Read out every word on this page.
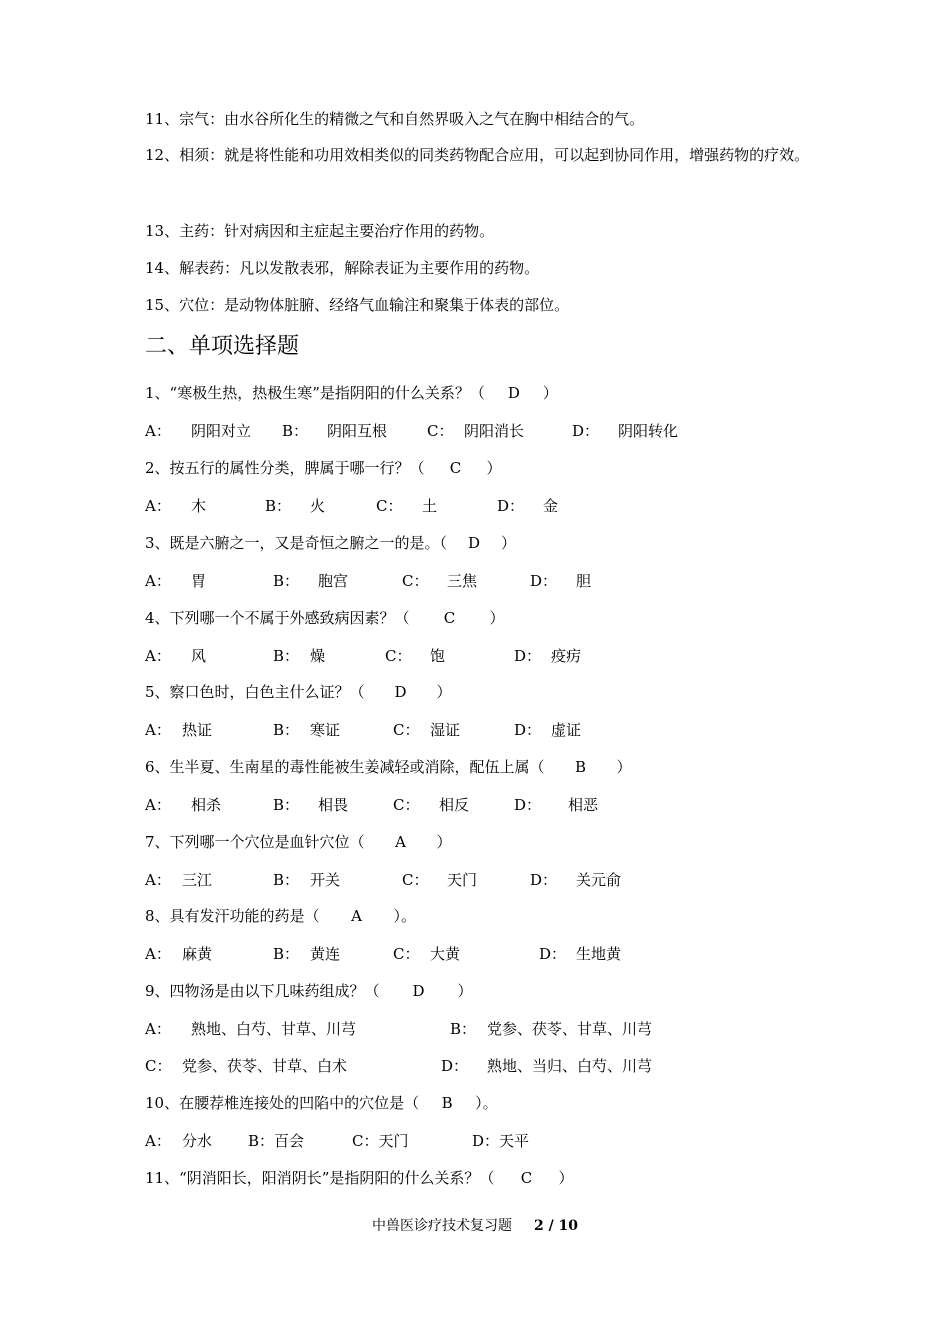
11、宗气：由水谷所化生的精微之气和自然界吸入之气在胸中相结合的气。
12、相须：就是将性能和功用效相类似的同类药物配合应用，可以起到协同作用，增强药物的疗效。
13、主药：针对病因和主症起主要治疗作用的药物。
14、解表药：凡以发散表邪，解除表证为主要作用的药物。
15、穴位：是动物体脏腑、经络气血输注和聚集于体表的部位。
二、单项选择题
1、“寒极生热，热极生寒”是指阴阳的什么关系？（ D ）
A： 阴阳对立 B： 阴阳互根	C： 阴阳消长	D： 阴阳转化
2、按五行的属性分类，脾属于哪一行？（ C ）
A： 木	B： 火	C： 土	D： 金
3、既是六腑之一，又是奇恒之腑之一的是。（ D ）
A： 胃	B： 胞宫	C： 三焦	D： 胆
4、下列哪一个不属于外感致病因素？（ C ）
A： 风	B： 燥	C： 饱	D： 疫疠
5、察口色时，白色主什么证？（ D ）
A： 热证	B： 寒证	C： 湿证	D： 虚证
6、生半夏、生南星的毒性能被生姜减轻或消除，配伍上属（ B ）
A： 相杀	B： 相畏	C： 相反	D： 相恶
7、下列哪一个穴位是血针穴位（ A ）
A： 三江	B： 开关	C： 天门	D： 关元俞
8、具有发汗功能的药是（ A ）。
A： 麻黄	B： 黄连	C： 大黄	D： 生地黄
9、四物汤是由以下几味药组成？（ D ）
A： 熟地、白芍、甘草、川芎	B： 党参、茯苓、甘草、川芎
C： 党参、茯苓、甘草、白术	D： 熟地、当归、白芍、川芎
10、在腰荐椎连接处的凹陷中的穴位是（ B ）。
A： 分水 B：百会	C：天门	D：天平
11、“阴消阳长，阳消阴长”是指阴阳的什么关系？（ C ）
中兽医诊疗技术复习题 2 / 10
